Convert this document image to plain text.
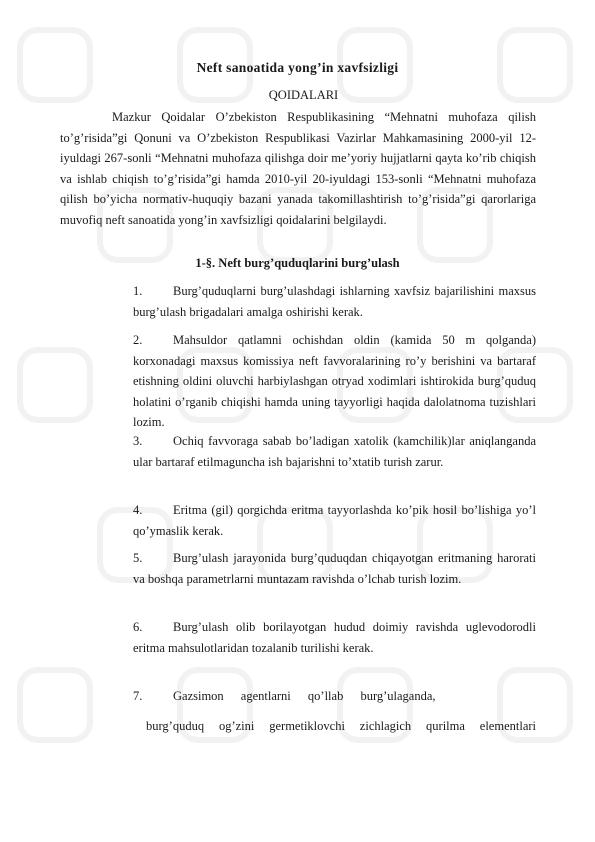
Neft sanoatida yong’in xavfsizligi
QOIDALARI

Mazkur Qoidalar O’zbekiston Respublikasining “Mehnatni muhofaza qilish to’g’risida”gi Qonuni va O’zbekiston Respublikasi Vazirlar Mahkamasining 2000-yil 12-iyuldagi 267-sonli “Mehnatni muhofaza qilishga doir me’yoriy hujjatlarni qayta ko’rib chiqish va ishlab chiqish to’g’risida”gi hamda 2010-yil 20-iyuldagi 153-sonli “Mehnatni muhofaza qilish bo’yicha normativ-huquqiy bazani yanada takomillashtirish to’g’risida”gi qarorlariga muvofiq neft sanoatida yong’in xavfsizligi qoidalarini belgilaydi.

1-§. Neft burg’quduqlarini burg’ulash

1. Burg’quduqlarni burg’ulashdagi ishlarning xavfsiz bajarilishini maxsus burg’ulash brigadalari amalga oshirishi kerak.

2. Mahsuldor qatlamni ochishdan oldin (kamida 50 m qolganda) korxonadagi maxsus komissiya neft favvoralarining ro’y berishini va bartaraf etishning oldini oluvchi harbiylashgan otryad xodimlari ishtirokida burg’quduq holatini o’rganib chiqishi hamda uning tayyorligi haqida dalolatnoma tuzishlari lozim.

3. Ochiq favvoraga sabab bo’ladigan xatolik (kamchilik)lar aniqlanganda ular bartaraf etilmaguncha ish bajarishni to’xtatib turish zarur.

4. Eritma (gil) qorgichda eritma tayyorlashda ko’pik hosil bo’lishiga yo’l qo’ymaslik kerak.

5. Burg’ulash jarayonida burg’quduqdan chiqayotgan eritmaning harorati va boshqa parametrlarni muntazam ravishda o’lchab turish lozim.

6. Burg’ulash olib borilayotgan hudud doimiy ravishda uglevodorodli eritma mahsulotlaridan tozalanib turilishi kerak.

7. Gazsimon agentlarni qo’llab burg’ulaganda,

burg’quduq og’zini germetiklovchi zichlagich qurilma elementlari
